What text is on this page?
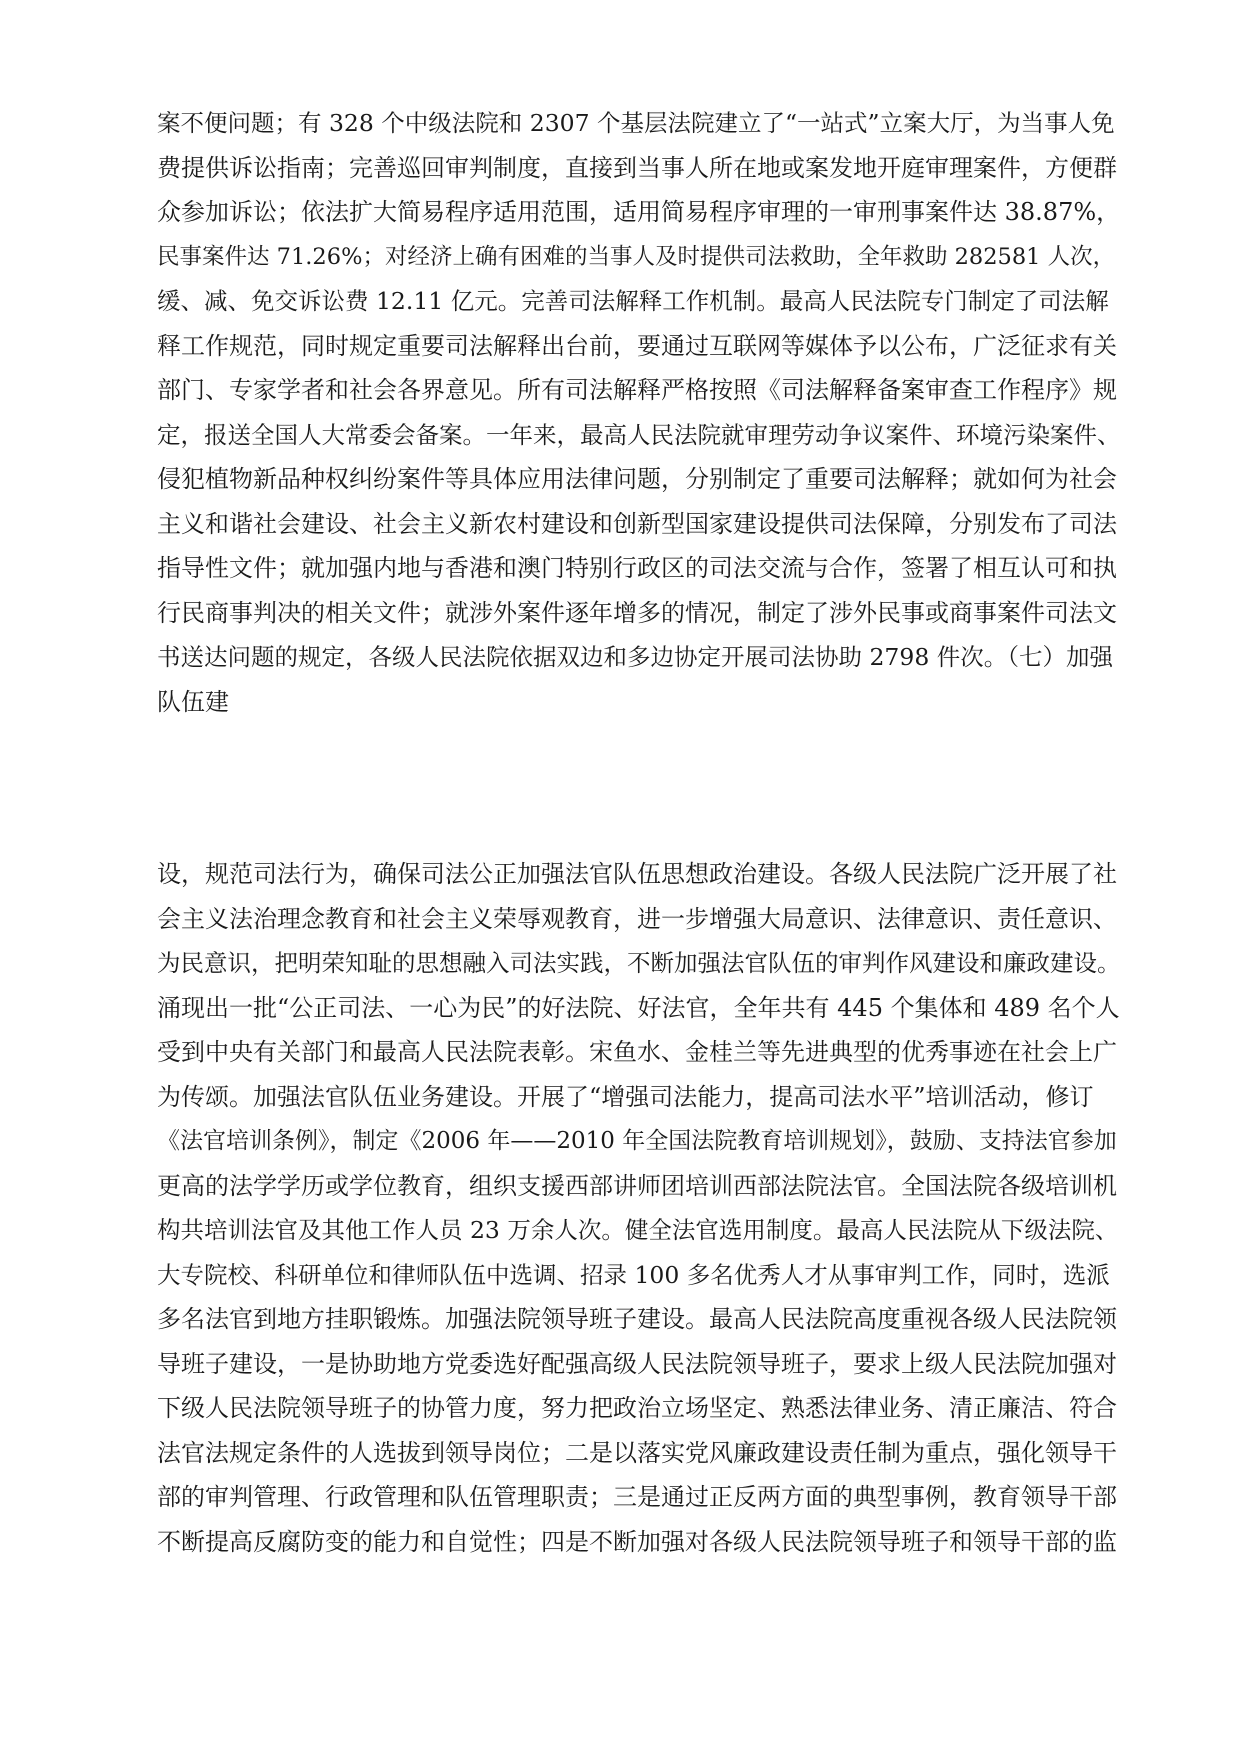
案不便问题；有 328 个中级法院和 2307 个基层法院建立了“一站式”立案大厅，为当事人免
费提供诉讼指南；完善巡回审判制度，直接到当事人所在地或案发地开庭审理案件，方便群
众参加诉讼；依法扩大简易程序适用范围，适用简易程序审理的一审刑事案件达 38.87%，
民事案件达 71.26%；对经济上确有困难的当事人及时提供司法救助，全年救助 282581 人次，
缓、减、免交诉讼费 12.11 亿元。完善司法解释工作机制。最高人民法院专门制定了司法解
释工作规范，同时规定重要司法解释出台前，要通过互联网等媒体予以公布，广泛征求有关
部门、专家学者和社会各界意见。所有司法解释严格按照《司法解释备案审查工作程序》规
定，报送全国人大常委会备案。一年来，最高人民法院就审理劳动争议案件、环境污染案件、
侵犯植物新品种权纠纷案件等具体应用法律问题，分别制定了重要司法解释；就如何为社会
主义和谐社会建设、社会主义新农村建设和创新型国家建设提供司法保障，分别发布了司法
指导性文件；就加强内地与香港和澳门特别行政区的司法交流与合作，签署了相互认可和执
行民商事判决的相关文件；就涉外案件逐年增多的情况，制定了涉外民事或商事案件司法文
书送达问题的规定，各级人民法院依据双边和多边协定开展司法协助 2798 件次。（七）加强
队伍建
设，规范司法行为，确保司法公正加强法官队伍思想政治建设。各级人民法院广泛开展了社
会主义法治理念教育和社会主义荣辱观教育，进一步增强大局意识、法律意识、责任意识、
为民意识，把明荣知耻的思想融入司法实践，不断加强法官队伍的审判作风建设和廉政建设。
涌现出一批“公正司法、一心为民”的好法院、好法官，全年共有 445 个集体和 489 名个人
受到中央有关部门和最高人民法院表彰。宋鱼水、金桂兰等先进典型的优秀事迹在社会上广
为传颂。加强法官队伍业务建设。开展了“增强司法能力，提高司法水平”培训活动，修订
《法官培训条例》，制定《2006 年——2010 年全国法院教育培训规划》，鼓励、支持法官参加
更高的法学学历或学位教育，组织支援西部讲师团培训西部法院法官。全国法院各级培训机
构共培训法官及其他工作人员 23 万余人次。健全法官选用制度。最高人民法院从下级法院、
大专院校、科研单位和律师队伍中选调、招录 100 多名优秀人才从事审判工作，同时，选派
多名法官到地方挂职锻炼。加强法院领导班子建设。最高人民法院高度重视各级人民法院领
导班子建设，一是协助地方党委选好配强高级人民法院领导班子，要求上级人民法院加强对
下级人民法院领导班子的协管力度，努力把政治立场坚定、熟悉法律业务、清正廉洁、符合
法官法规定条件的人选拔到领导岗位；二是以落实党风廉政建设责任制为重点，强化领导干
部的审判管理、行政管理和队伍管理职责；三是通过正反两方面的典型事例，教育领导干部
不断提高反腐防变的能力和自觉性；四是不断加强对各级人民法院领导班子和领导干部的监
